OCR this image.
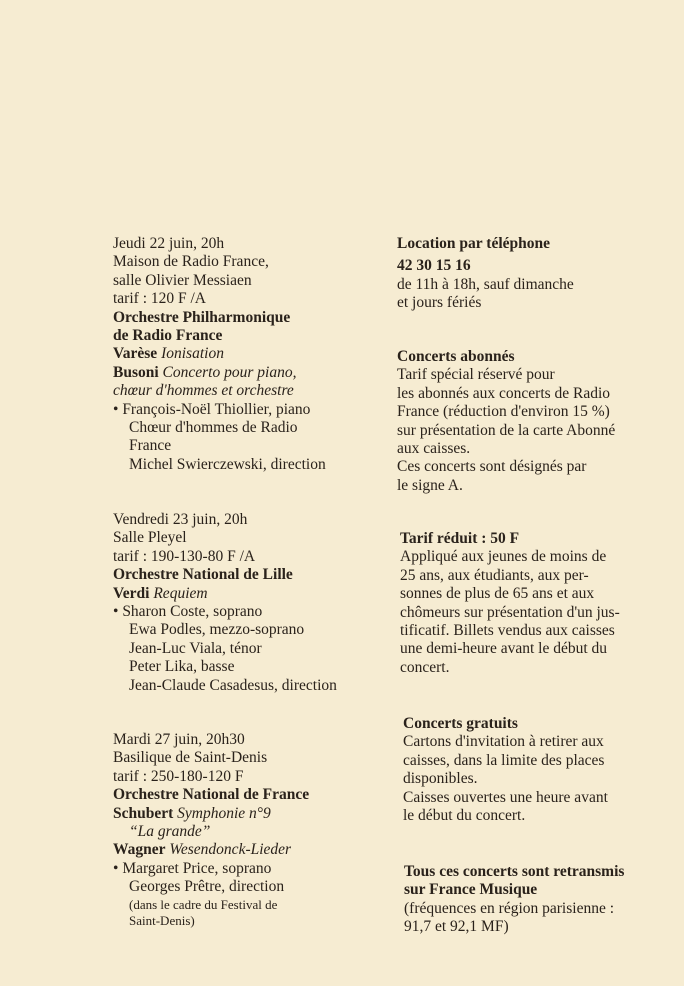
Jeudi 22 juin, 20h
Maison de Radio France,
salle Olivier Messiaen
tarif : 120 F /A
Orchestre Philharmonique
de Radio France
Varèse Ionisation
Busoni Concerto pour piano,
chœur d'hommes et orchestre
• François-Noël Thiollier, piano
Chœur d'hommes de Radio
France
Michel Swierczewski, direction
Vendredi 23 juin, 20h
Salle Pleyel
tarif : 190-130-80 F /A
Orchestre National de Lille
Verdi Requiem
• Sharon Coste, soprano
Ewa Podles, mezzo-soprano
Jean-Luc Viala, ténor
Peter Lika, basse
Jean-Claude Casadesus, direction
Mardi 27 juin, 20h30
Basilique de Saint-Denis
tarif : 250-180-120 F
Orchestre National de France
Schubert Symphonie n°9
“La grande”
Wagner Wesendonck-Lieder
• Margaret Price, soprano
Georges Prêtre, direction
(dans le cadre du Festival de
Saint-Denis)
Location par téléphone
42 30 15 16
de 11h à 18h, sauf dimanche
et jours fériés
Concerts abonnés
Tarif spécial réservé pour
les abonnés aux concerts de Radio
France (réduction d'environ 15 %)
sur présentation de la carte Abonné
aux caisses.
Ces concerts sont désignés par
le signe A.
Tarif réduit : 50 F
Appliqué aux jeunes de moins de
25 ans, aux étudiants, aux per-
sonnes de plus de 65 ans et aux
chômeurs sur présentation d'un jus-
tificatif. Billets vendus aux caisses
une demi-heure avant le début du
concert.
Concerts gratuits
Cartons d'invitation à retirer aux
caisses, dans la limite des places
disponibles.
Caisses ouvertes une heure avant
le début du concert.
Tous ces concerts sont retransmis
sur France Musique
(fréquences en région parisienne :
91,7 et 92,1 MF)
